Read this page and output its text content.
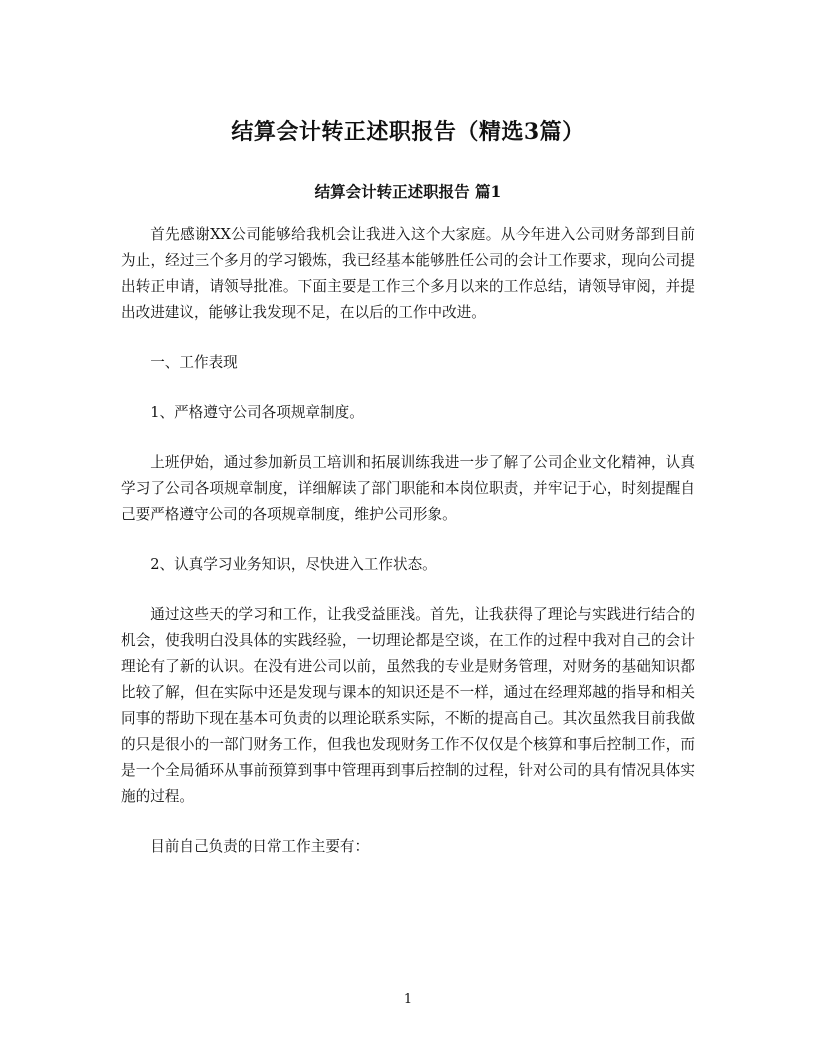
结算会计转正述职报告（精选3篇）
结算会计转正述职报告 篇1

首先感谢XX公司能够给我机会让我进入这个大家庭。从今年进入公司财务部到目前为止，经过三个多月的学习锻炼，我已经基本能够胜任公司的会计工作要求，现向公司提出转正申请，请领导批准。下面主要是工作三个多月以来的工作总结，请领导审阅，并提出改进建议，能够让我发现不足，在以后的工作中改进。

一、工作表现

1、严格遵守公司各项规章制度。

上班伊始，通过参加新员工培训和拓展训练我进一步了解了公司企业文化精神，认真学习了公司各项规章制度，详细解读了部门职能和本岗位职责，并牢记于心，时刻提醒自己要严格遵守公司的各项规章制度，维护公司形象。

2、认真学习业务知识，尽快进入工作状态。

通过这些天的学习和工作，让我受益匪浅。首先，让我获得了理论与实践进行结合的机会，使我明白没具体的实践经验，一切理论都是空谈，在工作的过程中我对自己的会计理论有了新的认识。在没有进公司以前，虽然我的专业是财务管理，对财务的基础知识都比较了解，但在实际中还是发现与课本的知识还是不一样，通过在经理郑越的指导和相关同事的帮助下现在基本可负责的以理论联系实际，不断的提高自己。其次虽然我目前我做的只是很小的一部门财务工作，但我也发现财务工作不仅仅是个核算和事后控制工作，而是一个全局循环从事前预算到事中管理再到事后控制的过程，针对公司的具有情况具体实施的过程。

目前自己负责的日常工作主要有：

1
